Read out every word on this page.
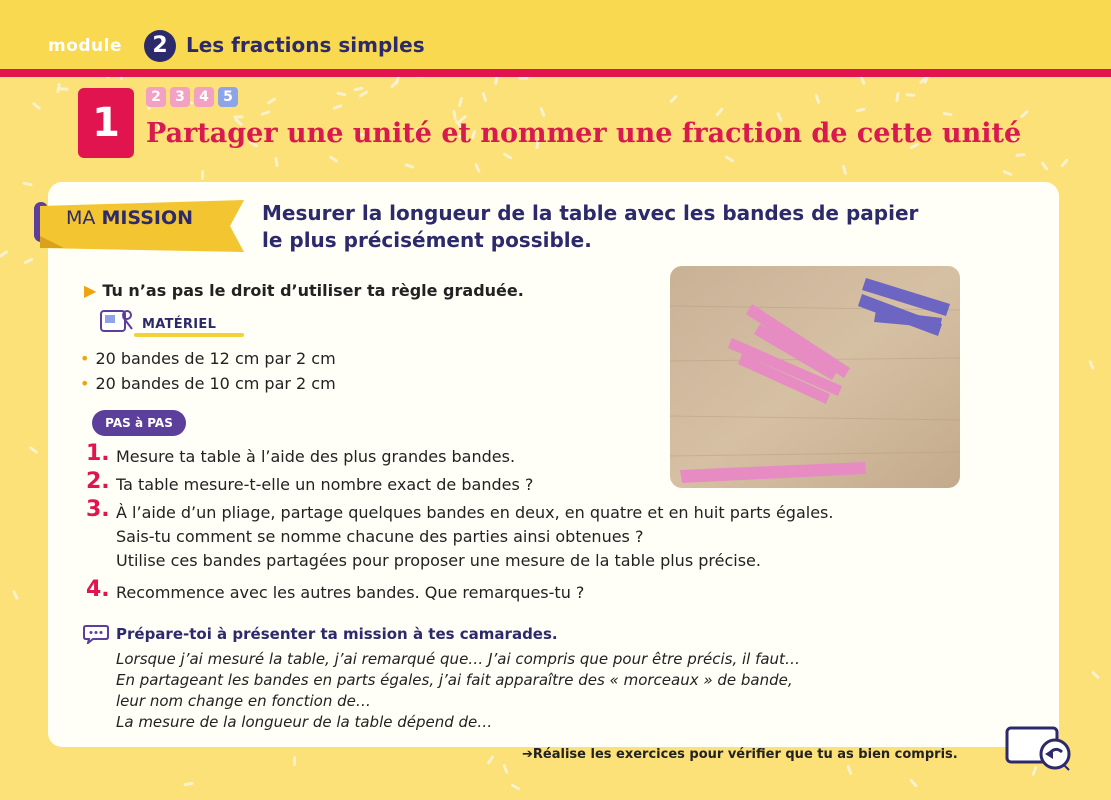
module	2 Les fractions simples
1
2	3	4	5
Partager une unité et nommer une fraction de cette unité
MA MISSION	Mesurer la longueur de la table avec les bandes de papier
le plus précisément possible.
▶ Tu n’as pas le droit d’utiliser ta règle graduée.
MATÉRIEL
• 20 bandes de 12 cm par 2 cm
• 20 bandes de 10 cm par 2 cm
PAS à PAS
1. Mesure ta table à l’aide des plus grandes bandes.
2. Ta table mesure-t-elle un nombre exact de bandes ?
3. À l’aide d’un pliage, partage quelques bandes en deux, en quatre et en huit parts égales.
Sais-tu comment se nomme chacune des parties ainsi obtenues ?
Utilise ces bandes partagées pour proposer une mesure de la table plus précise.
4. Recommence avec les autres bandes. Que remarques-tu ?
Prépare-toi à présenter ta mission à tes camarades.
Lorsque j’ai mesuré la table, j’ai remarqué que… J’ai compris que pour être précis, il faut…
En partageant les bandes en parts égales, j’ai fait apparaître des « morceaux » de bande,
leur nom change en fonction de…
La mesure de la longueur de la table dépend de…
➔Réalise les exercices pour vérifier que tu as bien compris.
